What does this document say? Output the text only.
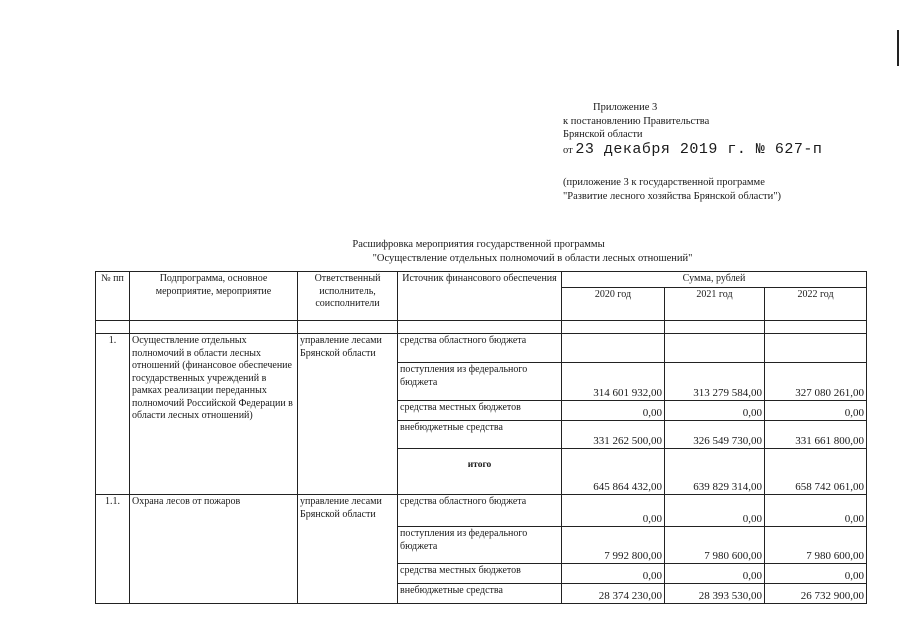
Приложение 3
к постановлению Правительства
Брянской области
от 23 декабря 2019 г. № 627-п
(приложение 3 к государственной программе
"Развитие лесного хозяйства Брянской области")
Расшифровка мероприятия государственной программы
"Осуществление отдельных полномочий в области лесных отношений"
№ пп	Подпрограмма, основное мероприятие, мероприятие	Ответственный исполнитель, соисполнители	Источник финансового обеспечения	Сумма, рублей		
				2020 год	2021 год	2022 год

1.	Осуществление отдельных полномочий в области лесных отношений (финансовое обеспечение государственных учреждений в рамках реализации переданных полномочий Российской Федерации в области лесных отношений)	управление лесами Брянской области	средства областного бюджета			
			поступления из федерального бюджета	314 601 932,00	313 279 584,00	327 080 261,00
			средства местных бюджетов	0,00	0,00	0,00
			внебюджетные средства	331 262 500,00	326 549 730,00	331 661 800,00
			итого	645 864 432,00	639 829 314,00	658 742 061,00
1.1.	Охрана лесов от пожаров	управление лесами Брянской области	средства областного бюджета	0,00	0,00	0,00
			поступления из федерального бюджета	7 992 800,00	7 980 600,00	7 980 600,00
			средства местных бюджетов	0,00	0,00	0,00
			внебюджетные средства	28 374 230,00	28 393 530,00	26 732 900,00
